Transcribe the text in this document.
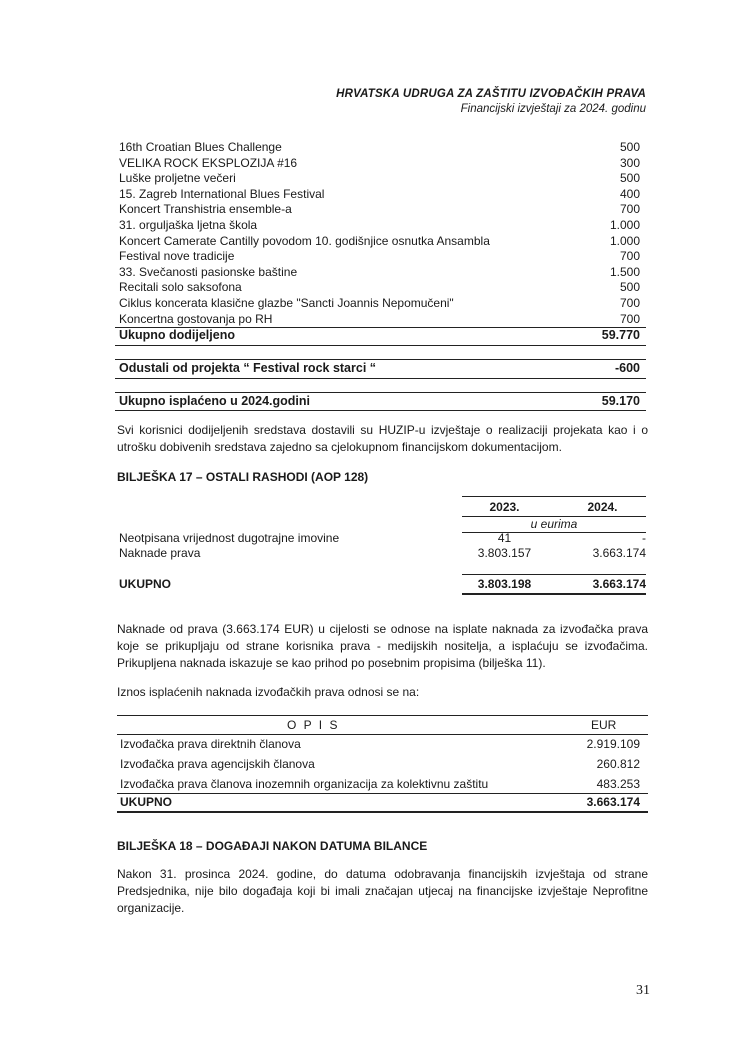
HRVATSKA UDRUGA ZA ZAŠTITU IZVOĐAČKIH PRAVA
Financijski izvještaji za 2024. godinu
16th Croatian Blues Challenge	500
VELIKA ROCK EKSPLOZIJA #16	300
Luške proljetne večeri	500
15. Zagreb International Blues Festival	400
Koncert Transhistria ensemble-a	700
31. orguljaška ljetna škola	1.000
Koncert Camerate Cantilly povodom 10. godišnjice osnutka Ansambla	1.000
Festival nove tradicije	700
33. Svečanosti pasionske baštine	1.500
Recitali solo saksofona	500
Ciklus koncerata klasične glazbe "Sancti Joannis Nepomučeni"	700
Koncertna gostovanja po RH	700
Ukupno dodijeljeno	59.770
Odustali od projekta “ Festival rock starci “	-600
Ukupno isplaćeno u 2024.godini	59.170
Svi korisnici dodijeljenih sredstava dostavili su HUZIP-u izvještaje o realizaciji projekata kao i o utrošku dobivenih sredstava zajedno sa cjelokupnom financijskom dokumentacijom.
BILJEŠKA 17 – OSTALI RASHODI (AOP 128)
2023.	2024.
u eurima
Neotpisana vrijednost dugotrajne imovine	41	-
Naknade prava	3.803.157	3.663.174
UKUPNO	3.803.198	3.663.174
Naknade od prava (3.663.174 EUR) u cijelosti se odnose na isplate naknada za izvođačka prava koje se prikupljaju od strane korisnika prava - medijskih nositelja, a isplaćuju se izvođačima. Prikupljena naknada iskazuje se kao prihod po posebnim propisima (bilješka 11).
Iznos isplaćenih naknada izvođačkih prava odnosi se na:
O P I S	EUR
Izvođačka prava direktnih članova	2.919.109
Izvođačka prava agencijskih članova	260.812
Izvođačka prava članova inozemnih organizacija za kolektivnu zaštitu	483.253
UKUPNO	3.663.174
BILJEŠKA 18 – DOGAĐAJI NAKON DATUMA BILANCE
Nakon 31. prosinca 2024. godine, do datuma odobravanja financijskih izvještaja od strane Predsjednika, nije bilo događaja koji bi imali značajan utjecaj na financijske izvještaje Neprofitne organizacije.
31
